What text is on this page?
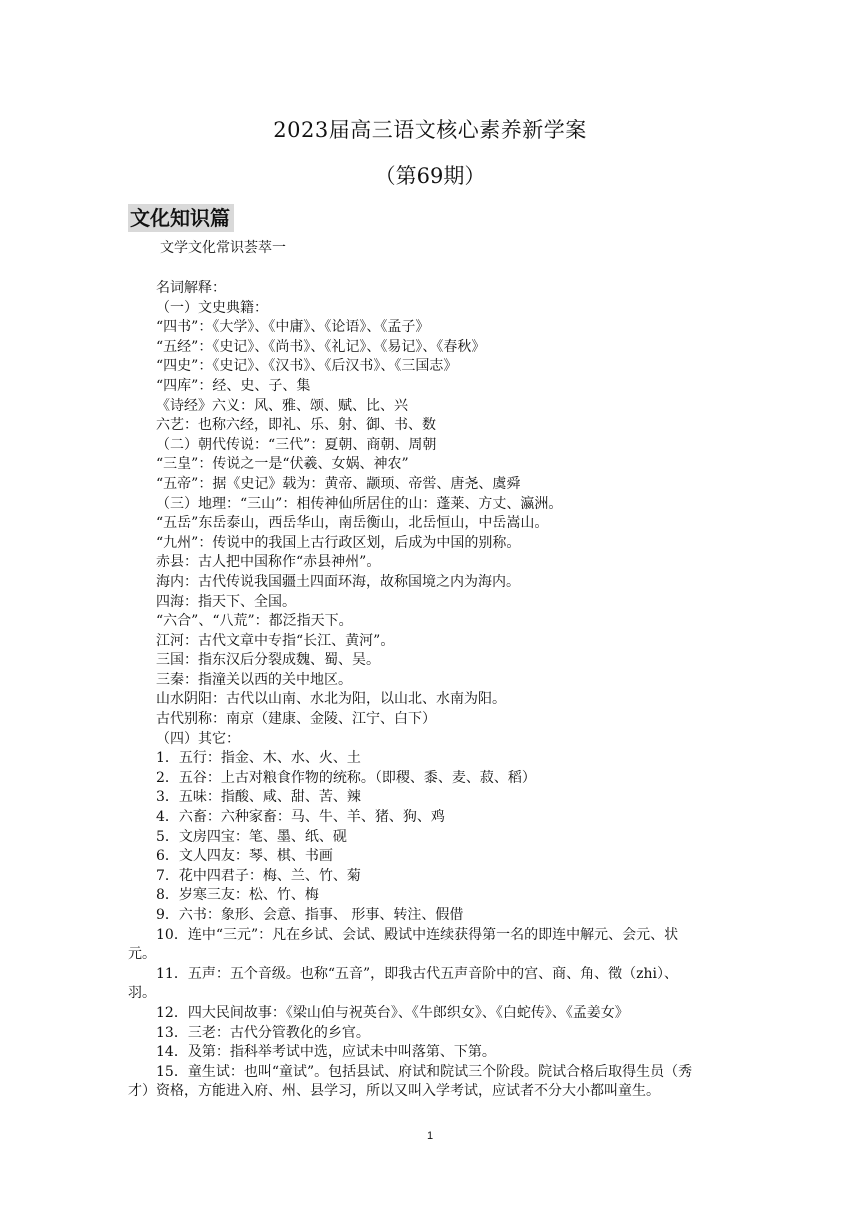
2023届高三语文核心素养新学案
（第69期）
文化知识篇
文学文化常识荟萃一
名词解释：
（一）文史典籍：
“四书”：《大学》、《中庸》、《论语》、《孟子》
“五经”：《史记》、《尚书》、《礼记》、《易记》、《春秋》
“四史”：《史记》、《汉书》、《后汉书》、《三国志》
“四库”：经、史、子、集
《诗经》六义：风、雅、颂、赋、比、兴
六艺：也称六经，即礼、乐、射、御、书、数
（二）朝代传说：“三代”：夏朝、商朝、周朝
“三皇”：传说之一是“伏羲、女娲、神农”
“五帝”：据《史记》载为：黄帝、颛顼、帝喾、唐尧、虞舜
（三）地理：“三山”：相传神仙所居住的山：蓬莱、方丈、瀛洲。
“五岳”东岳泰山，西岳华山，南岳衡山，北岳恒山，中岳嵩山。
“九州”：传说中的我国上古行政区划，后成为中国的别称。
赤县：古人把中国称作“赤县神州”。
海内：古代传说我国疆土四面环海，故称国境之内为海内。
四海：指天下、全国。
“六合”、“八荒”：都泛指天下。
江河：古代文章中专指“长江、黄河”。
三国：指东汉后分裂成魏、蜀、吴。
三秦：指潼关以西的关中地区。
山水阴阳：古代以山南、水北为阳，以山北、水南为阳。
古代别称：南京（建康、金陵、江宁、白下）
（四）其它：
1．五行：指金、木、水、火、土
2．五谷：上古对粮食作物的统称。（即稷、黍、麦、菽、稻）
3．五味：指酸、咸、甜、苦、辣
4．六畜：六种家畜：马、牛、羊、猪、狗、鸡
5．文房四宝：笔、墨、纸、砚
6．文人四友：琴、棋、书画
7．花中四君子：梅、兰、竹、菊
8．岁寒三友：松、竹、梅
9．六书：象形、会意、指事、 形事、转注、假借
10．连中“三元”：凡在乡试、会试、殿试中连续获得第一名的即连中解元、会元、状
元。
11．五声：五个音级。也称“五音”，即我古代五声音阶中的宫、商、角、徵（zhi）、
羽。
12．四大民间故事：《梁山伯与祝英台》、《牛郎织女》、《白蛇传》、《孟姜女》
13．三老：古代分管教化的乡官。
14．及第：指科举考试中选，应试未中叫落第、下第。
15．童生试：也叫“童试”。包括县试、府试和院试三个阶段。院试合格后取得生员（秀
才）资格，方能进入府、州、县学习，所以又叫入学考试，应试者不分大小都叫童生。
1
